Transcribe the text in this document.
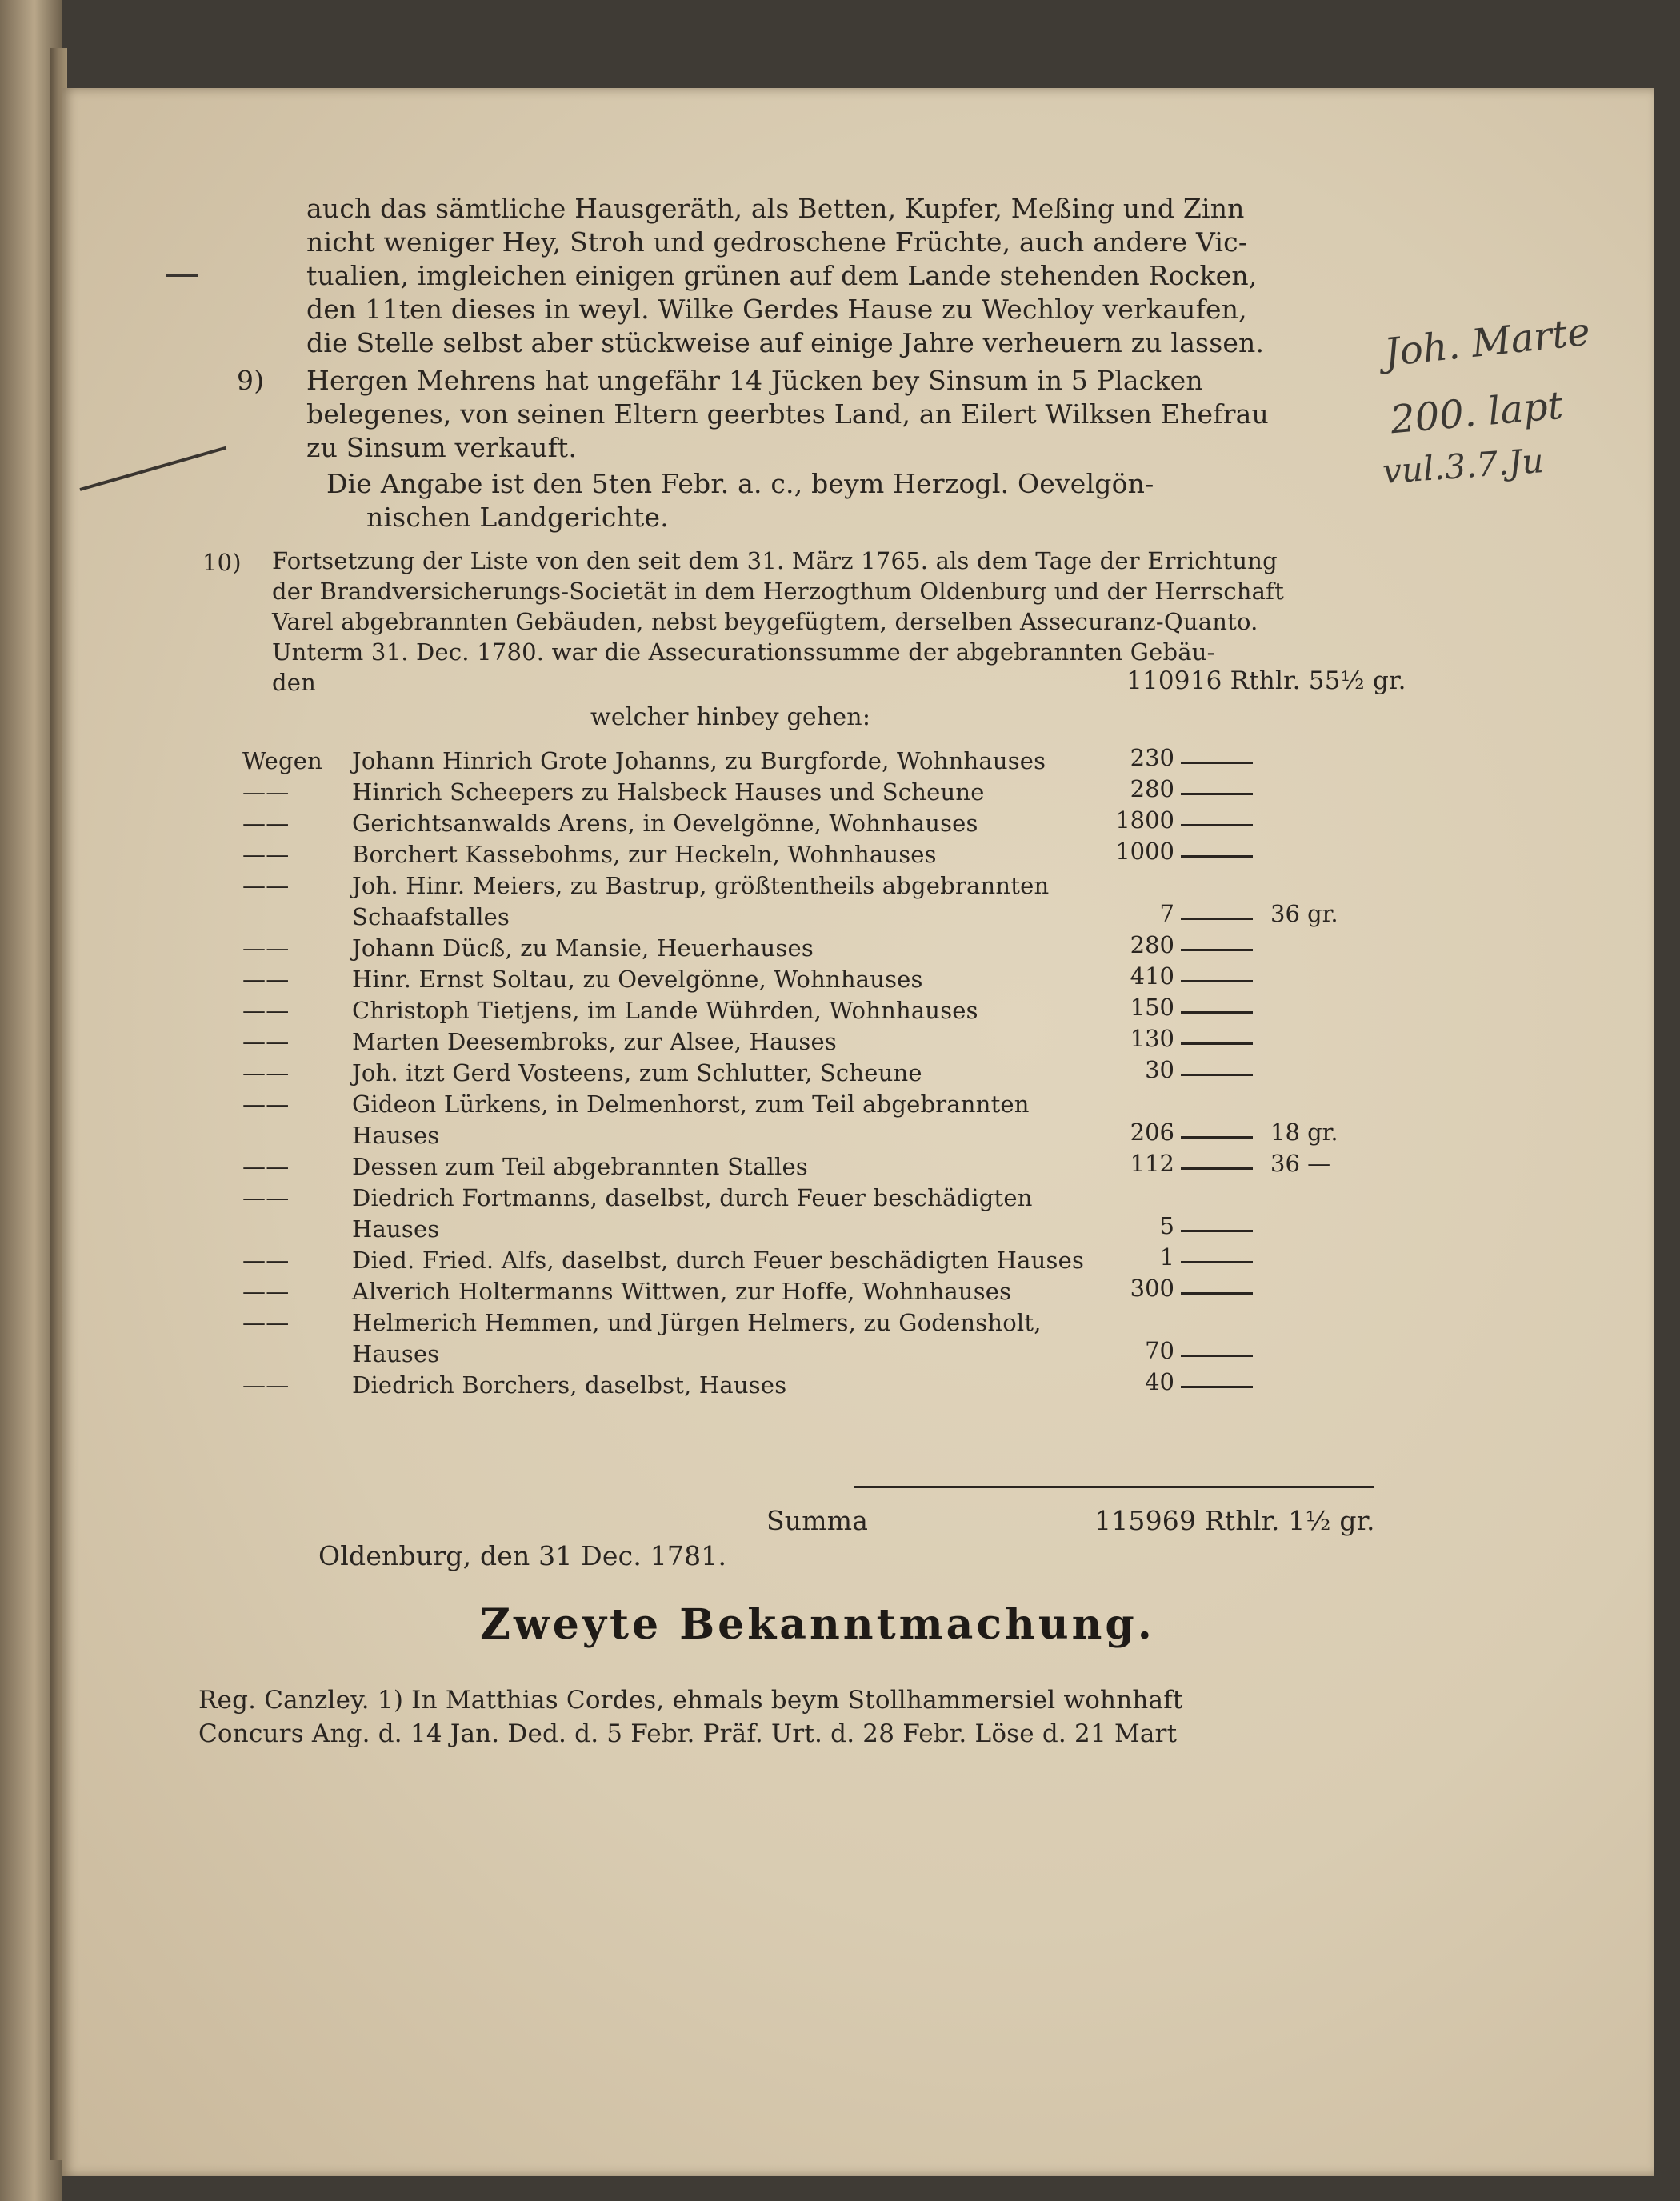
auch das sämtliche Hausgeräth, als Betten, Kupfer, Meßing und Zinn
nicht weniger Hey, Stroh und gedroschene Früchte, auch andere Vic-
tualien, imgleichen einigen grünen auf dem Lande stehenden Rocken,
den 11ten dieses in weyl. Wilke Gerdes Hause zu Wechloy verkaufen,
die Stelle selbst aber stückweise auf einige Jahre verheuern zu lassen.
9) Hergen Mehrens hat ungefähr 14 Jücken bey Sinsum in 5 Placken
belegenes, von seinen Eltern geerbtes Land, an Eilert Wilksen Ehefrau
zu Sinsum verkauft.
Die Angabe ist den 5ten Febr. a. c., beym Herzogl. Oevelgön-
nischen Landgerichte.
10) Fortsetzung der Liste von den seit dem 31. März 1765. als dem Tage der Errichtung
der Brandversicherungs-Societät in dem Herzogthum Oldenburg und der Herrschaft
Varel abgebrannten Gebäuden, nebst beygefügtem, derselben Assecuranz-Quanto.
Unterm 31. Dec. 1780. war die Assecurationssumme der abgebrannten Gebäu-
den	110916 Rthlr. 55½ gr.
welcher hinbey gehen:
Wegen Johann Hinrich Grote Johanns, zu Burgforde, Wohnhauses	230
——	Hinrich Scheepers zu Halsbeck Hauses und Scheune	280
——	Gerichtsanwalds Arens, in Oevelgönne, Wohnhauses	1800
——	Borchert Kassebohms, zur Heckeln, Wohnhauses	1000
——	Joh. Hinr. Meiers, zu Bastrup, größtentheils abgebrannten
Schaafstalles	7	36 gr.
——	Johann Dücß, zu Mansie, Heuerhauses	280
——	Hinr. Ernst Soltau, zu Oevelgönne, Wohnhauses	410
——	Christoph Tietjens, im Lande Wührden, Wohnhauses	150
——	Marten Deesembroks, zur Alsee, Hauses	130
——	Joh. itzt Gerd Vosteens, zum Schlutter, Scheune	30
——	Gideon Lürkens, in Delmenhorst, zum Teil abgebrannten
Hauses	206	18 gr.
——	Dessen zum Teil abgebrannten Stalles	112	36 —
——	Diedrich Fortmanns, daselbst, durch Feuer beschädigten
Hauses	5
——	Died. Fried. Alfs, daselbst, durch Feuer beschädigten Hauses	1
——	Alverich Holtermanns Wittwen, zur Hoffe, Wohnhauses	300
——	Helmerich Hemmen, und Jürgen Helmers, zu Godensholt,
Hauses	70
——	Diedrich Borchers, daselbst, Hauses	40
Summa	115969 Rthlr. 1½ gr.
Oldenburg, den 31 Dec. 1781.
Zweyte Bekanntmachung.
Reg. Canzley. 1) In Matthias Cordes, ehmals beym Stollhammersiel wohnhaft
Concurs Ang. d. 14 Jan. Ded. d. 5 Febr. Präf. Urt. d. 28 Febr. Löse d. 21 Mart
Joh. Marte
200. lapt
vul.3.7.Ju
